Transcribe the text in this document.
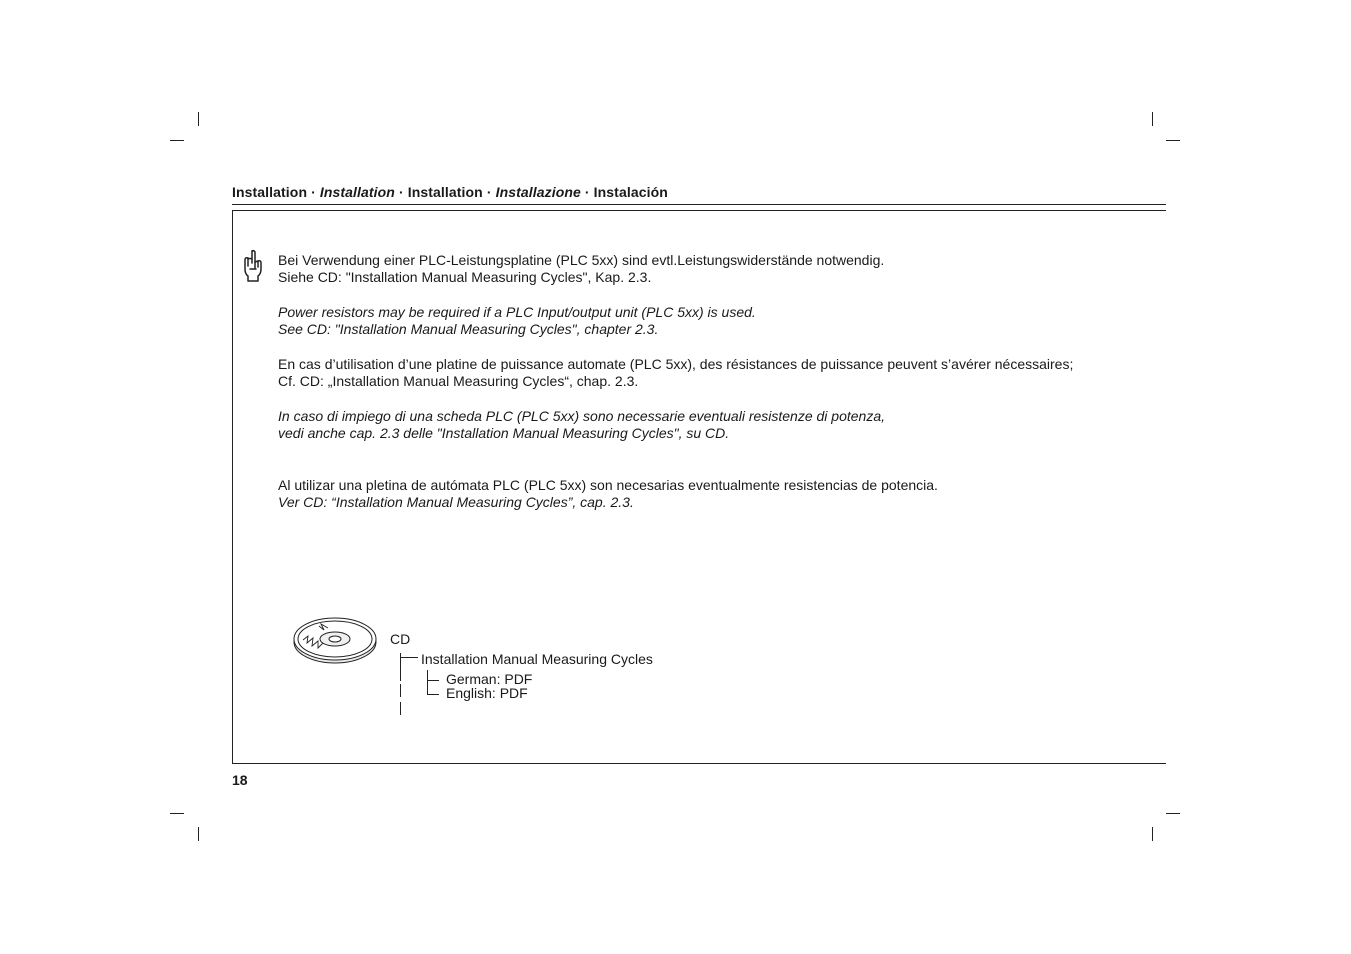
Installation · Installation · Installation · Installazione · Instalación
Bei Verwendung einer PLC-Leistungsplatine (PLC 5xx) sind evtl.Leistungswiderstände notwendig.
Siehe CD: "Installation Manual Measuring Cycles", Kap. 2.3.
Power resistors may be required if a PLC Input/output unit (PLC 5xx) is used.
See CD: "Installation Manual Measuring Cycles", chapter 2.3.
En cas d’utilisation d’une platine de puissance automate (PLC 5xx), des résistances de puissance peuvent s’avérer nécessaires;
Cf. CD: „Installation Manual Measuring Cycles“, chap. 2.3.
In caso di impiego di una scheda PLC (PLC 5xx) sono necessarie eventuali resistenze di potenza,
vedi anche cap. 2.3 delle "Installation Manual Measuring Cycles", su CD.
Al utilizar una pletina de autómata PLC (PLC 5xx) son necesarias eventualmente resistencias de potencia.
Ver CD: “Installation Manual Measuring Cycles”, cap. 2.3.
CD
Installation Manual Measuring Cycles
German: PDF
English: PDF
18
